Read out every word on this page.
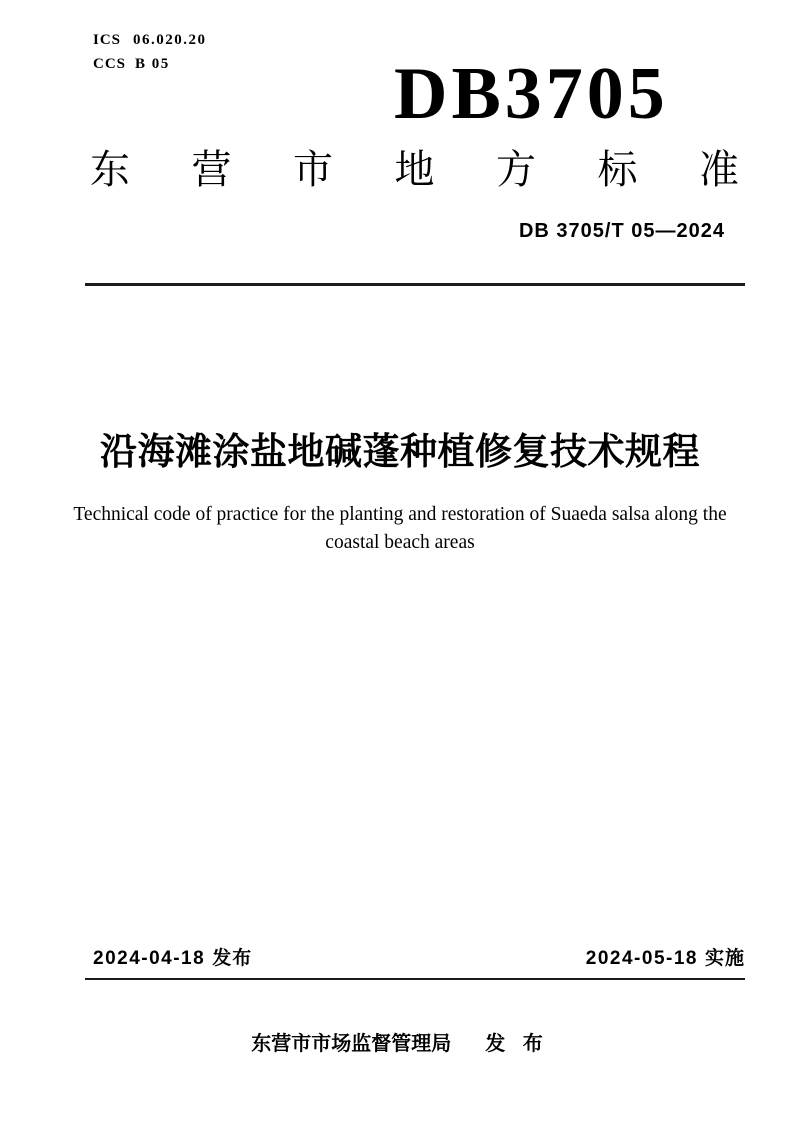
ICS 06.020.20
CCS B 05	DB3705
东营市地方标准
DB 3705/T 05—2024
沿海滩涂盐地碱蓬种植修复技术规程
Technical code of practice for the planting and restoration of Suaeda salsa along the
coastal beach areas
2024-04-18 发布	2024-05-18 实施
东营市市场监督管理局 发 布
